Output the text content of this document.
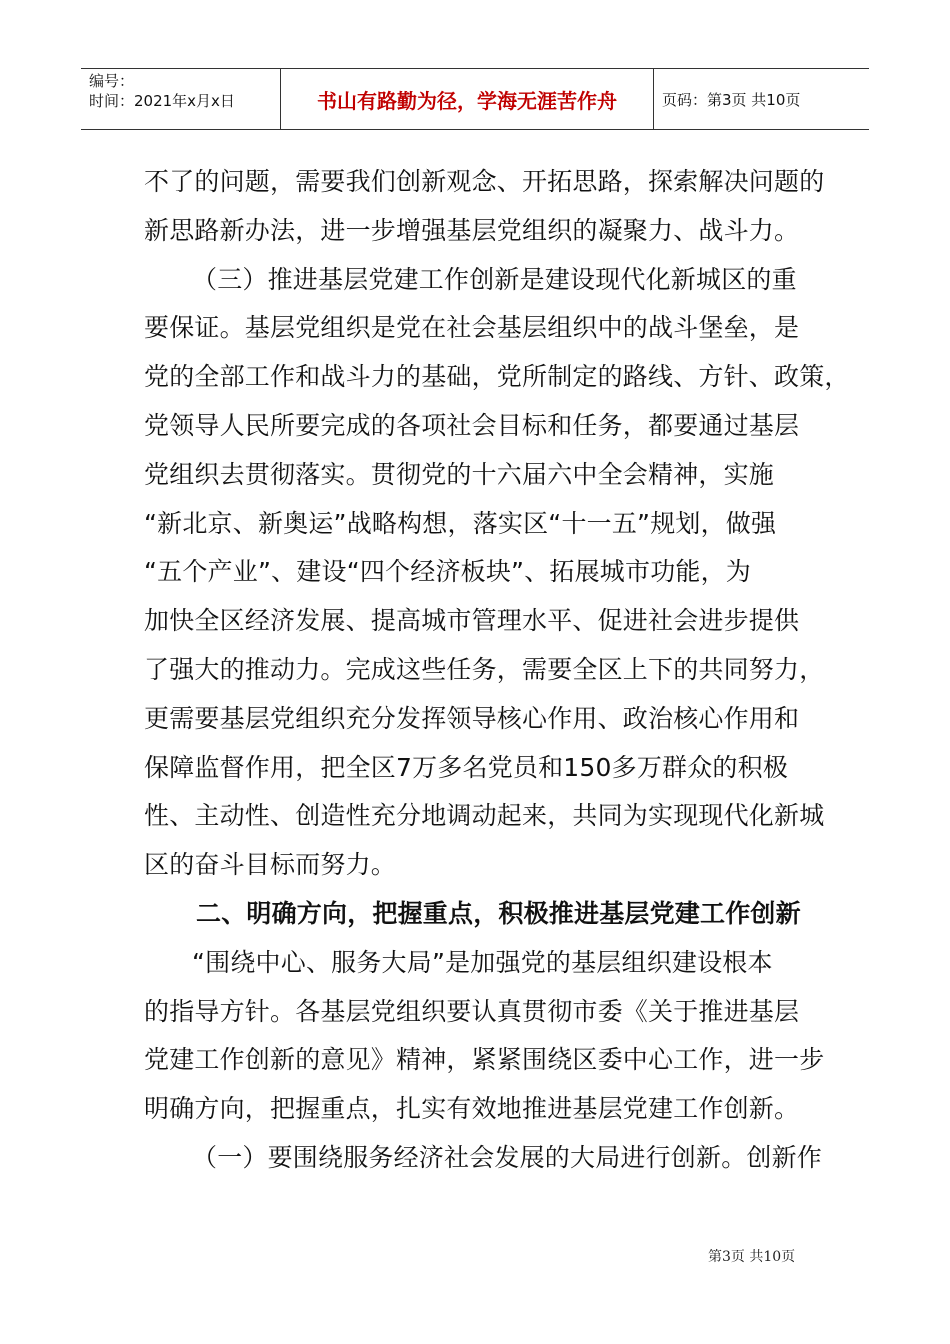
编号：
时间：2021年x月x日	书山有路勤为径，学海无涯苦作舟	页码：第3页 共10页
不了的问题，需要我们创新观念、开拓思路，探索解决问题的
新思路新办法，进一步增强基层党组织的凝聚力、战斗力。
（三）推进基层党建工作创新是建设现代化新城区的重
要保证。基层党组织是党在社会基层组织中的战斗堡垒，是
党的全部工作和战斗力的基础，党所制定的路线、方针、政策，
党领导人民所要完成的各项社会目标和任务，都要通过基层
党组织去贯彻落实。贯彻党的十六届六中全会精神，实施
“新北京、新奥运”战略构想，落实区“十一五”规划，做强
“五个产业”、建设“四个经济板块”、拓展城市功能，为
加快全区经济发展、提高城市管理水平、促进社会进步提供
了强大的推动力。完成这些任务，需要全区上下的共同努力，
更需要基层党组织充分发挥领导核心作用、政治核心作用和
保障监督作用，把全区7万多名党员和150多万群众的积极
性、主动性、创造性充分地调动起来，共同为实现现代化新城
区的奋斗目标而努力。
二、明确方向，把握重点，积极推进基层党建工作创新
“围绕中心、服务大局”是加强党的基层组织建设根本
的指导方针。各基层党组织要认真贯彻市委《关于推进基层
党建工作创新的意见》精神，紧紧围绕区委中心工作，进一步
明确方向，把握重点，扎实有效地推进基层党建工作创新。
（一）要围绕服务经济社会发展的大局进行创新。创新作
第3页 共10页
